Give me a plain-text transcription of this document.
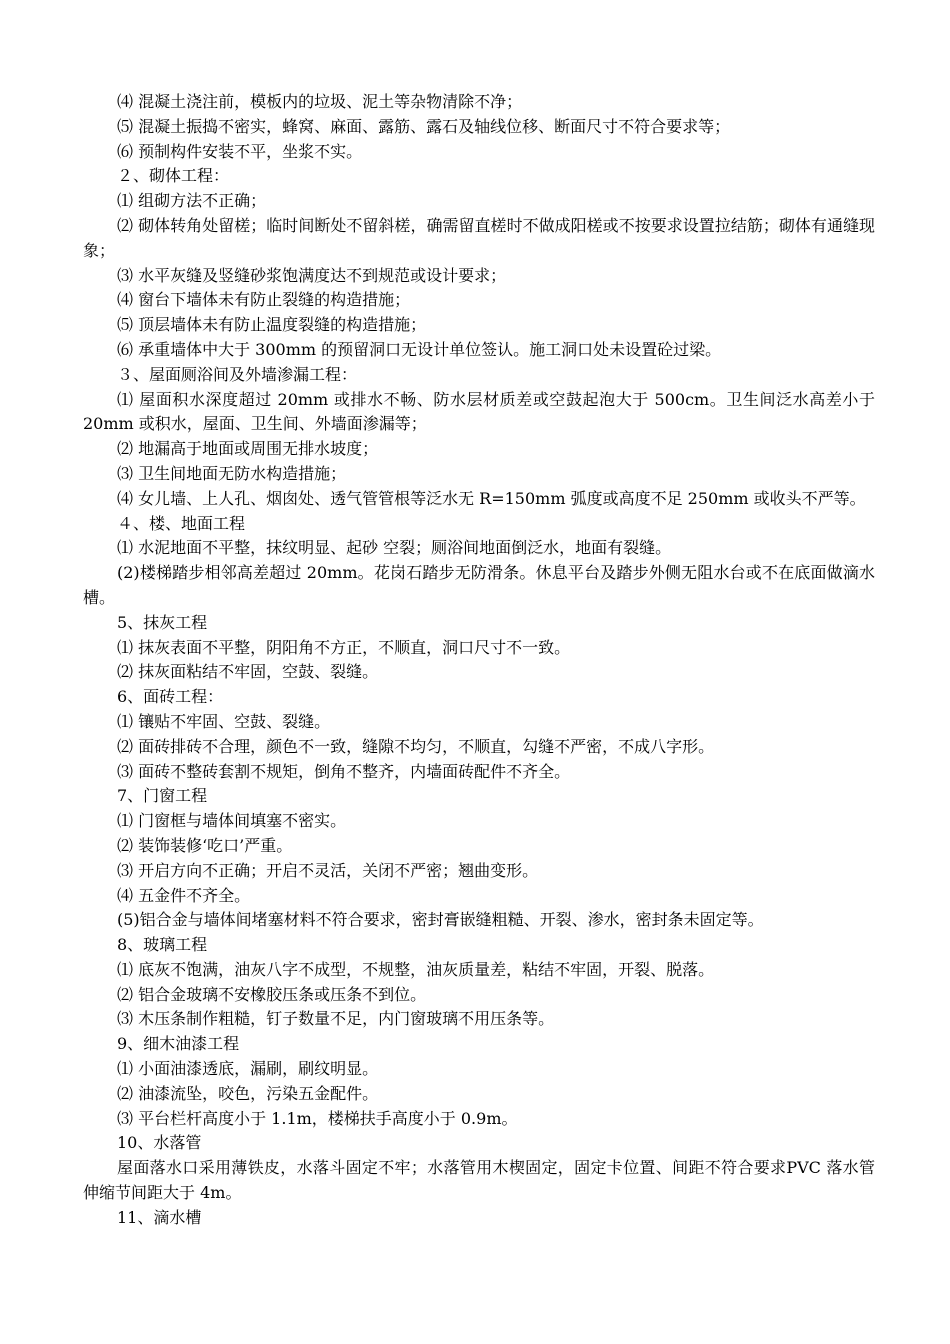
⑷ 混凝土浇注前，模板内的垃圾、泥土等杂物清除不净；

⑸ 混凝土振捣不密实，蜂窝、麻面、露筋、露石及轴线位移、断面尺寸不符合要求等；

⑹ 预制构件安装不平，坐浆不实。

２、砌体工程：

⑴ 组砌方法不正确；

⑵ 砌体转角处留槎；临时间断处不留斜槎，确需留直槎时不做成阳槎或不按要求设置拉结筋；砌体有通缝现象；

⑶ 水平灰缝及竖缝砂浆饱满度达不到规范或设计要求；

⑷ 窗台下墙体未有防止裂缝的构造措施；

⑸ 顶层墙体未有防止温度裂缝的构造措施；

⑹ 承重墙体中大于 300mm 的预留洞口无设计单位签认。施工洞口处未设置砼过梁。

３、屋面厕浴间及外墙渗漏工程：

⑴ 屋面积水深度超过 20mm 或排水不畅、防水层材质差或空鼓起泡大于 500cm。卫生间泛水高差小于 20mm 或积水，屋面、卫生间、外墙面渗漏等；

⑵ 地漏高于地面或周围无排水坡度；

⑶ 卫生间地面无防水构造措施；

⑷ 女儿墙、上人孔、烟囱处、透气管管根等泛水无 R=150mm 弧度或高度不足 250mm 或收头不严等。

４、楼、地面工程

⑴ 水泥地面不平整，抹纹明显、起砂 空裂；厕浴间地面倒泛水，地面有裂缝。

(2)楼梯踏步相邻高差超过 20mm。花岗石踏步无防滑条。休息平台及踏步外侧无阻水台或不在底面做滴水槽。

5、抹灰工程

⑴ 抹灰表面不平整，阴阳角不方正，不顺直，洞口尺寸不一致。

⑵ 抹灰面粘结不牢固，空鼓、裂缝。

6、面砖工程：

⑴ 镶贴不牢固、空鼓、裂缝。

⑵ 面砖排砖不合理，颜色不一致，缝隙不均匀，不顺直，勾缝不严密，不成八字形。

⑶ 面砖不整砖套割不规矩，倒角不整齐，内墙面砖配件不齐全。

7、门窗工程

⑴ 门窗框与墙体间填塞不密实。

⑵ 装饰装修‘吃口’严重。

⑶ 开启方向不正确；开启不灵活，关闭不严密；翘曲变形。

⑷ 五金件不齐全。

(5)铝合金与墙体间堵塞材料不符合要求，密封膏嵌缝粗糙、开裂、渗水，密封条未固定等。

8、玻璃工程

⑴ 底灰不饱满，油灰八字不成型，不规整，油灰质量差，粘结不牢固，开裂、脱落。

⑵ 铝合金玻璃不安橡胶压条或压条不到位。

⑶ 木压条制作粗糙，钉子数量不足，内门窗玻璃不用压条等。

9、细木油漆工程

⑴ 小面油漆透底，漏刷，刷纹明显。

⑵ 油漆流坠，咬色，污染五金配件。

⑶ 平台栏杆高度小于 1.1m，楼梯扶手高度小于 0.9m。

10、水落管

屋面落水口采用薄铁皮，水落斗固定不牢；水落管用木楔固定，固定卡位置、间距不符合要求PVC 落水管伸缩节间距大于 4m。

11、滴水槽
